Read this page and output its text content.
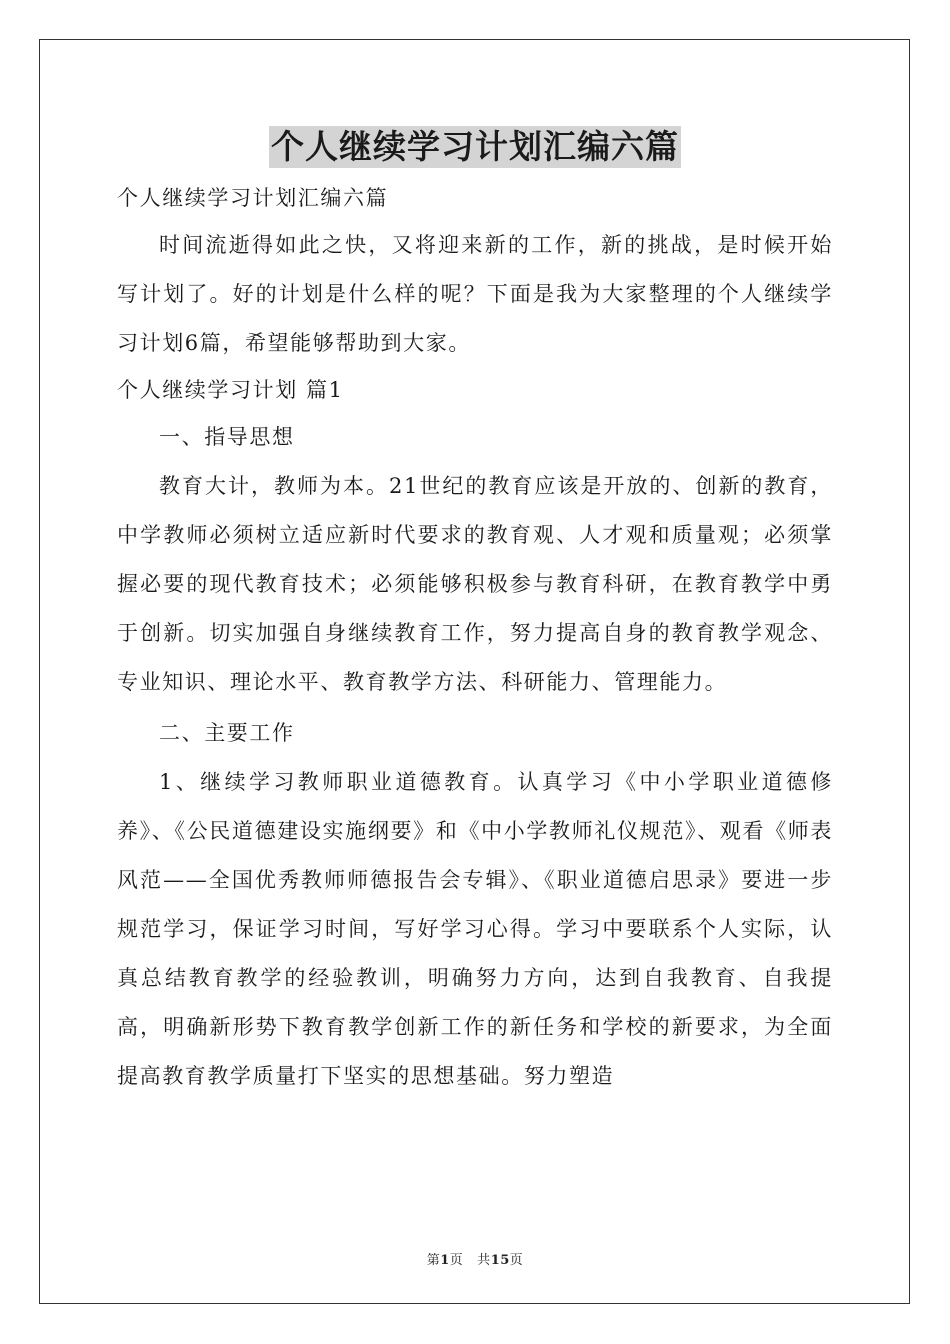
个人继续学习计划汇编六篇

个人继续学习计划汇编六篇

时间流逝得如此之快，又将迎来新的工作，新的挑战，是时候开始写计划了。好的计划是什么样的呢？下面是我为大家整理的个人继续学习计划6篇，希望能够帮助到大家。

个人继续学习计划 篇1

一、指导思想

教育大计，教师为本。21世纪的教育应该是开放的、创新的教育，中学教师必须树立适应新时代要求的教育观、人才观和质量观；必须掌握必要的现代教育技术；必须能够积极参与教育科研，在教育教学中勇于创新。切实加强自身继续教育工作，努力提高自身的教育教学观念、专业知识、理论水平、教育教学方法、科研能力、管理能力。

二、主要工作

1、继续学习教师职业道德教育。认真学习《中小学职业道德修养》、《公民道德建设实施纲要》和《中小学教师礼仪规范》、观看《师表风范——全国优秀教师师德报告会专辑》、《职业道德启思录》要进一步规范学习，保证学习时间，写好学习心得。学习中要联系个人实际，认真总结教育教学的经验教训，明确努力方向，达到自我教育、自我提高，明确新形势下教育教学创新工作的新任务和学校的新要求，为全面提高教育教学质量打下坚实的思想基础。努力塑造

第1页 共15页
